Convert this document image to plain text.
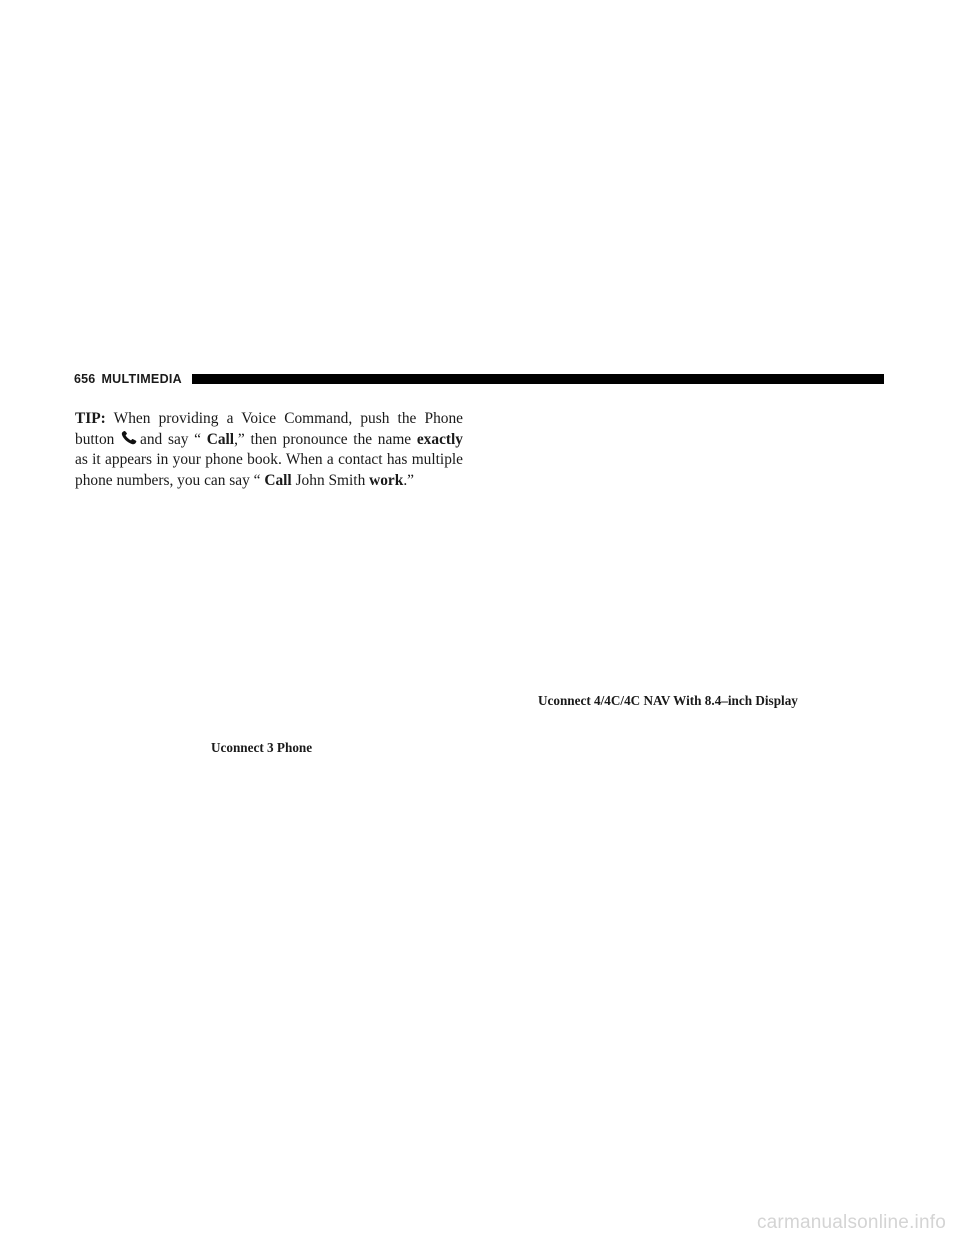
656 MULTIMEDIA

TIP: When providing a Voice Command, push the Phone button and say “ Call,” then pronounce the name exactly as it appears in your phone book. When a contact has multiple phone numbers, you can say “ Call John Smith work.”

Uconnect 4/4C/4C NAV With 8.4–inch Display
Uconnect 3 Phone
carmanualsonline.info
